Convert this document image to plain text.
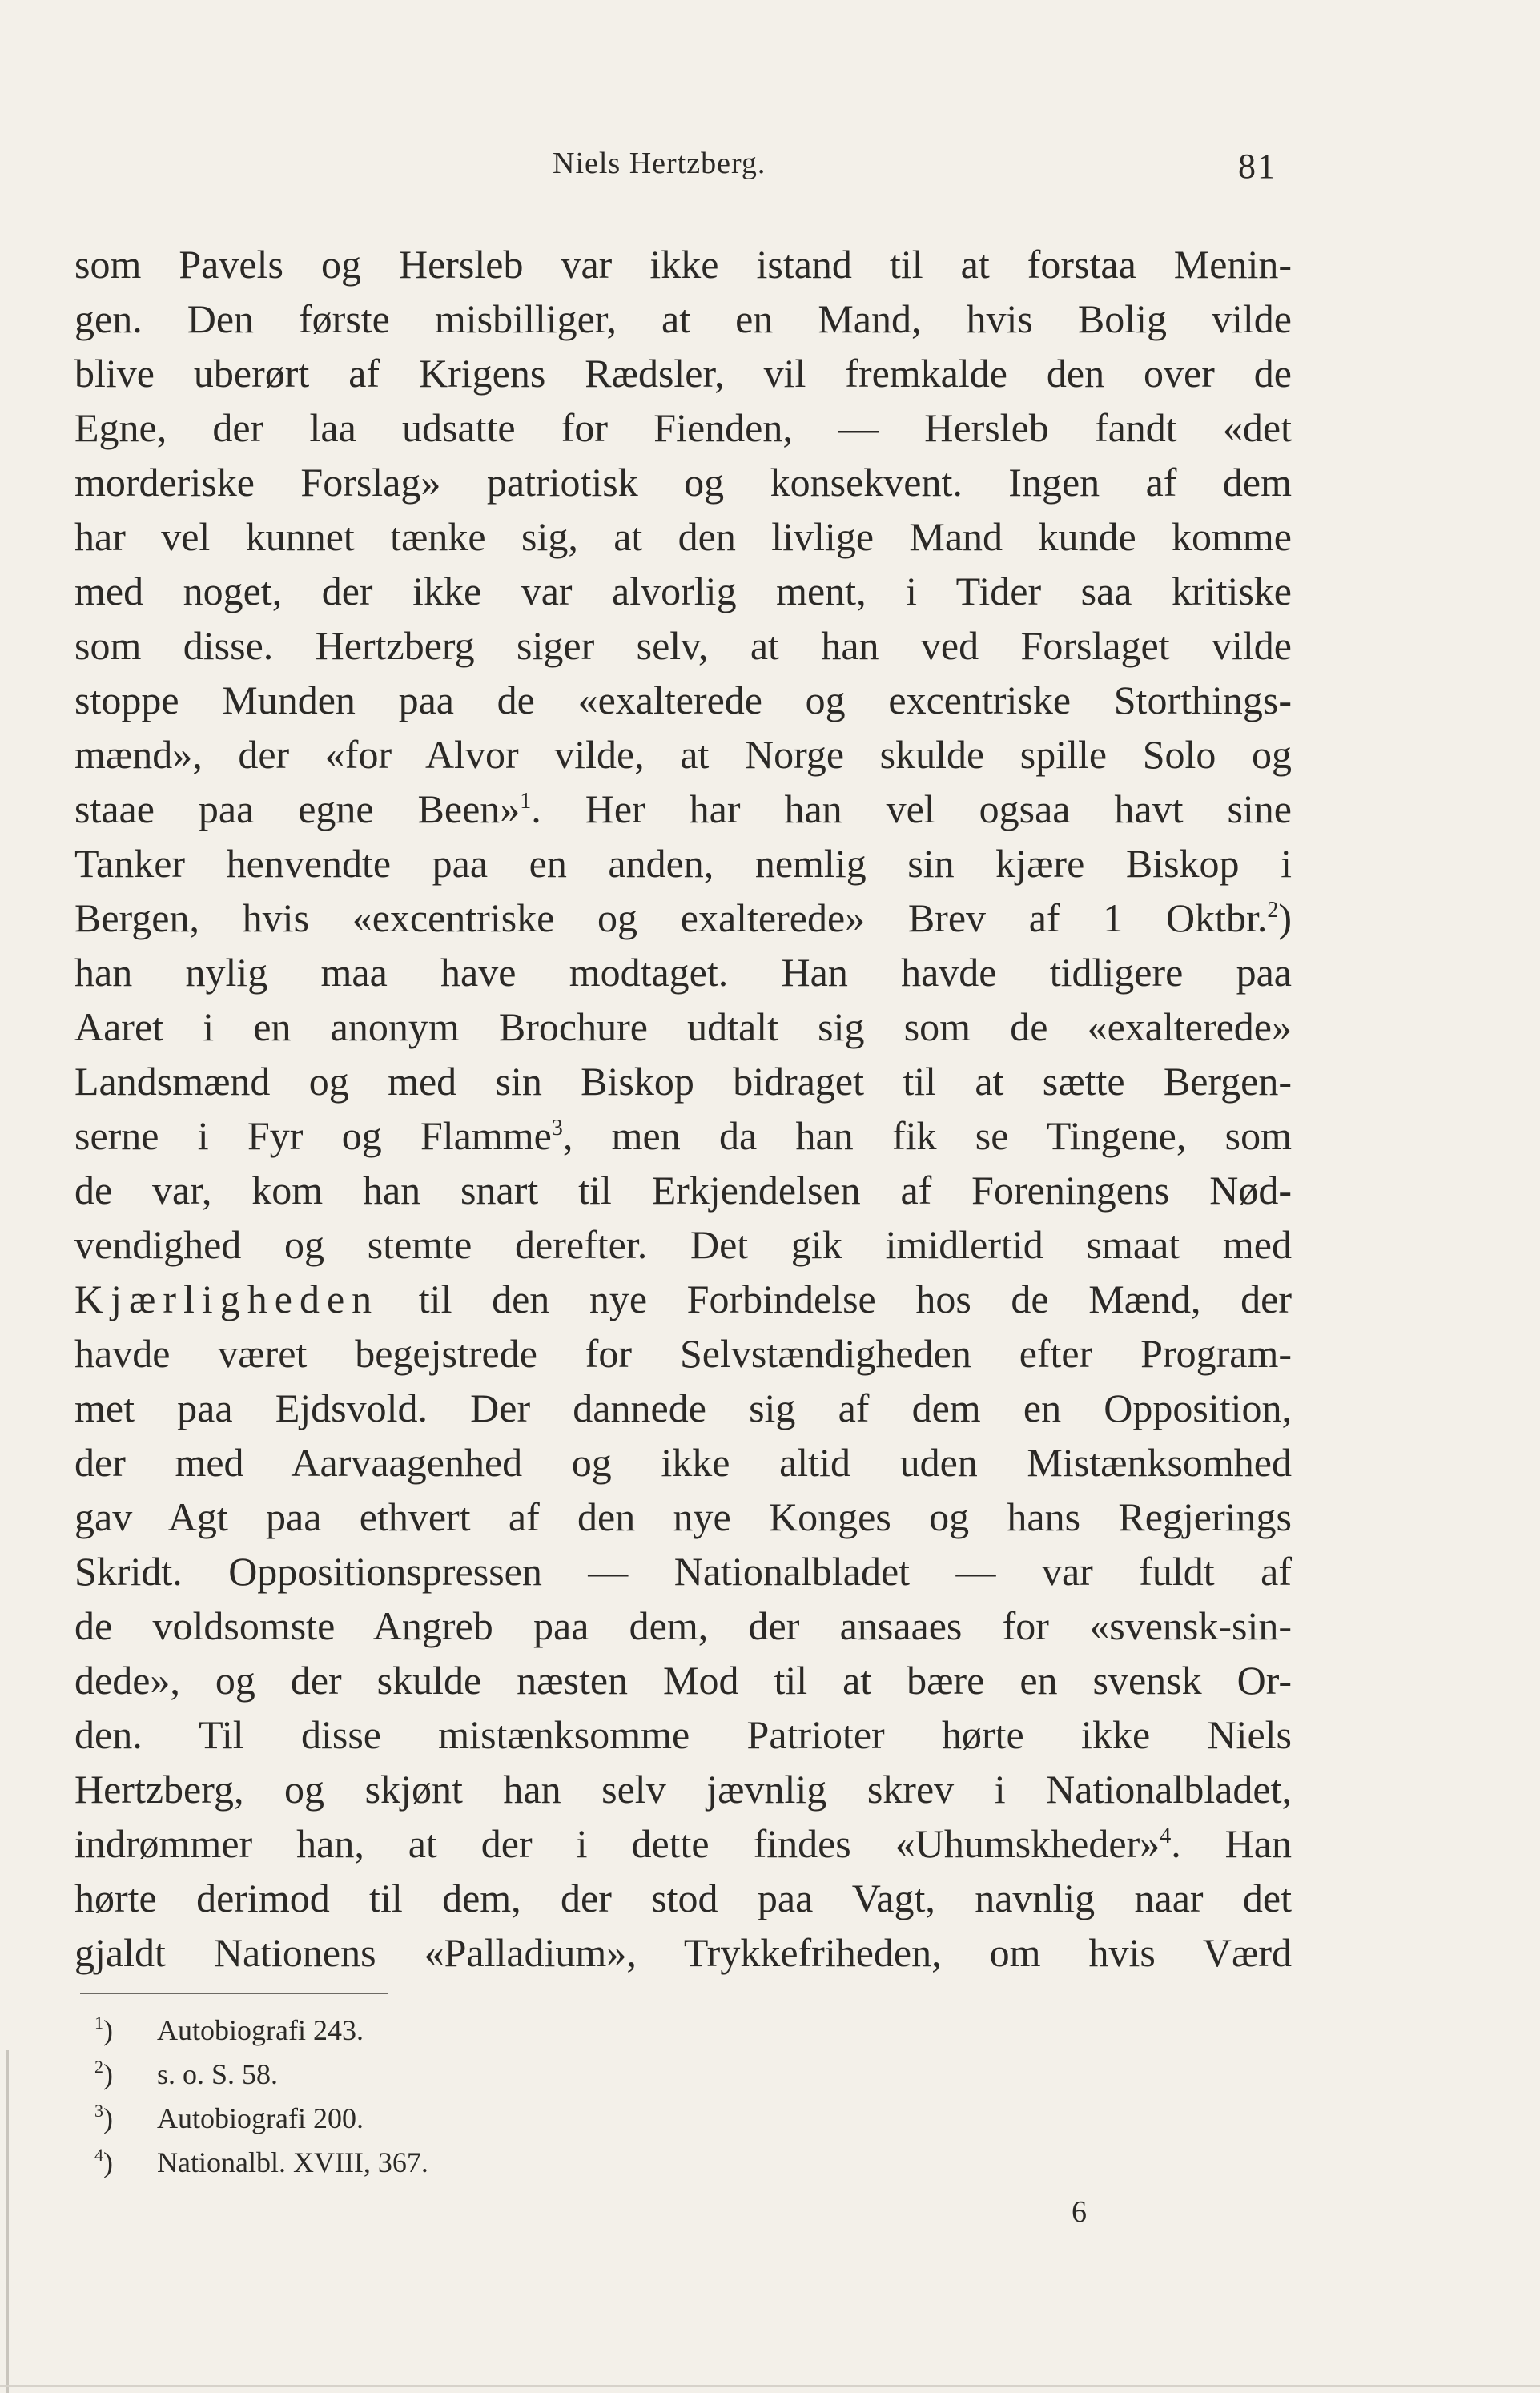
Niels Hertzberg.	81
som Pavels og Hersleb var ikke istand til at forstaa Menin-
gen. Den første misbilliger, at en Mand, hvis Bolig vilde
blive uberørt af Krigens Rædsler, vil fremkalde den over de
Egne, der laa udsatte for Fienden, — Hersleb fandt «det
morderiske Forslag» patriotisk og konsekvent. Ingen af dem
har vel kunnet tænke sig, at den livlige Mand kunde komme
med noget, der ikke var alvorlig ment, i Tider saa kritiske
som disse. Hertzberg siger selv, at han ved Forslaget vilde
stoppe Munden paa de «exalterede og excentriske Storthings-
mænd», der «for Alvor vilde, at Norge skulde spille Solo og
staae paa egne Been»$^1$. Her har han vel ogsaa havt sine
Tanker henvendte paa en anden, nemlig sin kjære Biskop i
Bergen, hvis «excentriske og exalterede» Brev af 1 Oktbr.$^2$)
han nylig maa have modtaget. Han havde tidligere paa
Aaret i en anonym Brochure udtalt sig som de «exalterede»
Landsmænd og med sin Biskop bidraget til at sætte Bergen-
serne i Fyr og Flamme$^3$, men da han fik se Tingene, som
de var, kom han snart til Erkjendelsen af Foreningens Nød-
vendighed og stemte derefter. Det gik imidlertid smaat med
Kjærligheden til den nye Forbindelse hos de Mænd, der
havde været begejstrede for Selvstændigheden efter Program-
met paa Ejdsvold. Der dannede sig af dem en Opposition,
der med Aarvaagenhed og ikke altid uden Mistænksomhed
gav Agt paa ethvert af den nye Konges og hans Regjerings
Skridt. Oppositionspressen — Nationalbladet — var fuldt af
de voldsomste Angreb paa dem, der ansaaes for «svensk-sin-
dede», og der skulde næsten Mod til at bære en svensk Or-
den. Til disse mistænksomme Patrioter hørte ikke Niels
Hertzberg, og skjønt han selv jævnlig skrev i Nationalbladet,
indrømmer han, at der i dette findes «Uhumskheder»$^4$. Han
hørte derimod til dem, der stod paa Vagt, navnlig naar det
gjaldt Nationens «Palladium», Trykkefriheden, om hvis Værd
$^1$) Autobiografi 243.
$^2$) s. o. S. 58.
$^3$) Autobiografi 200.
$^4$) Nationalbl. XVIII, 367.
6
